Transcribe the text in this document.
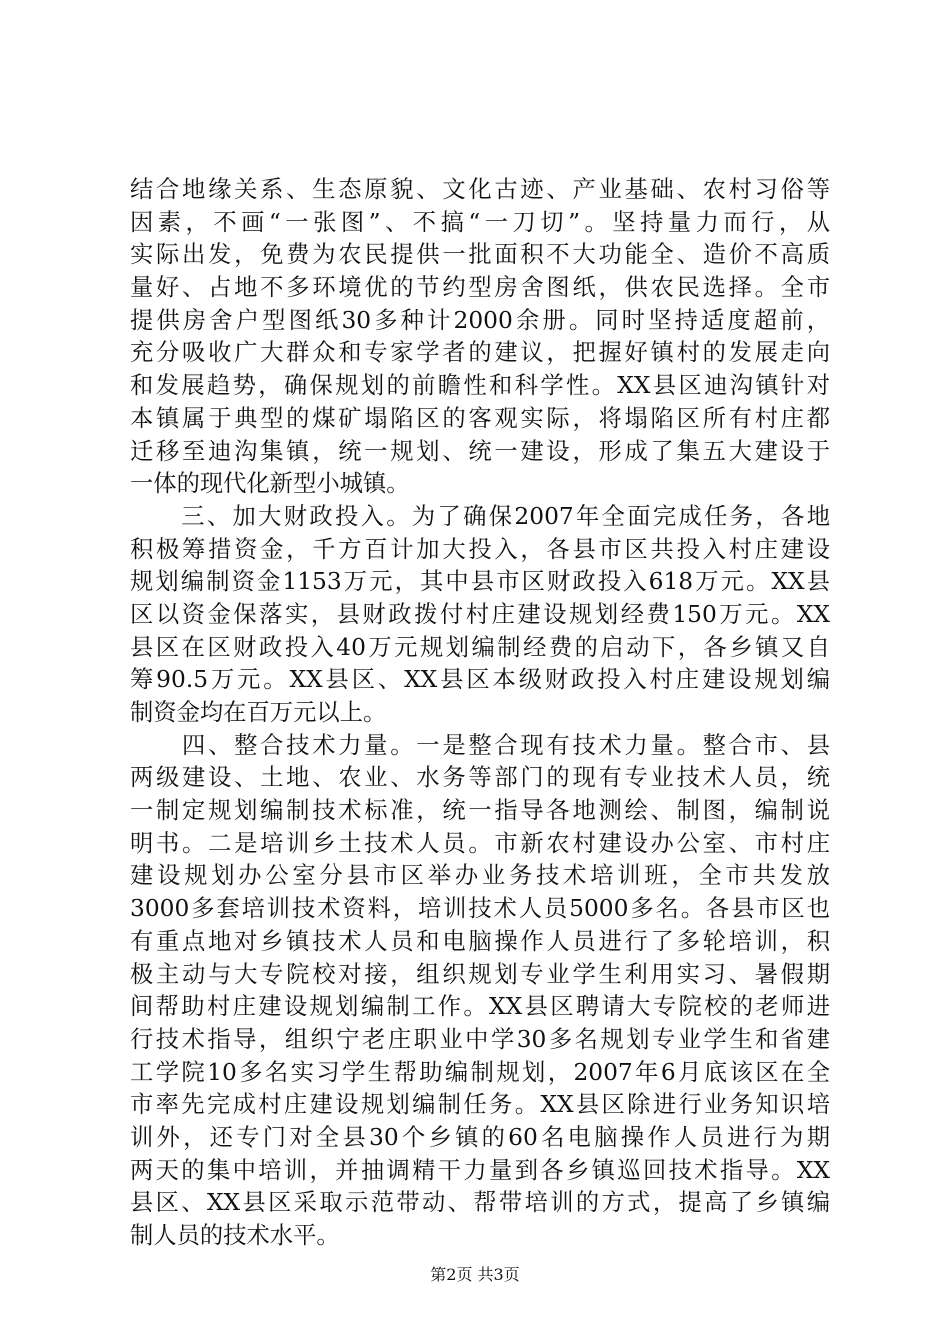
结合地缘关系、生态原貌、文化古迹、产业基础、农村习俗等
因素，不画“一张图”、不搞“一刀切”。坚持量力而行，从
实际出发，免费为农民提供一批面积不大功能全、造价不高质
量好、占地不多环境优的节约型房舍图纸，供农民选择。全市
提供房舍户型图纸30多种计2000余册。同时坚持适度超前，
充分吸收广大群众和专家学者的建议，把握好镇村的发展走向
和发展趋势，确保规划的前瞻性和科学性。XX县区迪沟镇针对
本镇属于典型的煤矿塌陷区的客观实际，将塌陷区所有村庄都
迁移至迪沟集镇，统一规划、统一建设，形成了集五大建设于
一体的现代化新型小城镇。
　　三、加大财政投入。为了确保2007年全面完成任务，各地
积极筹措资金，千方百计加大投入，各县市区共投入村庄建设
规划编制资金1153万元，其中县市区财政投入618万元。XX县
区以资金保落实，县财政拨付村庄建设规划经费150万元。XX
县区在区财政投入40万元规划编制经费的启动下，各乡镇又自
筹90.5万元。XX县区、XX县区本级财政投入村庄建设规划编
制资金均在百万元以上。
　　四、整合技术力量。一是整合现有技术力量。整合市、县
两级建设、土地、农业、水务等部门的现有专业技术人员，统
一制定规划编制技术标准，统一指导各地测绘、制图，编制说
明书。二是培训乡土技术人员。市新农村建设办公室、市村庄
建设规划办公室分县市区举办业务技术培训班，全市共发放
3000多套培训技术资料，培训技术人员5000多名。各县市区也
有重点地对乡镇技术人员和电脑操作人员进行了多轮培训，积
极主动与大专院校对接，组织规划专业学生利用实习、暑假期
间帮助村庄建设规划编制工作。XX县区聘请大专院校的老师进
行技术指导，组织宁老庄职业中学30多名规划专业学生和省建
工学院10多名实习学生帮助编制规划，2007年6月底该区在全
市率先完成村庄建设规划编制任务。XX县区除进行业务知识培
训外，还专门对全县30个乡镇的60名电脑操作人员进行为期
两天的集中培训，并抽调精干力量到各乡镇巡回技术指导。XX
县区、XX县区采取示范带动、帮带培训的方式，提高了乡镇编
制人员的技术水平。
第2页 共3页
